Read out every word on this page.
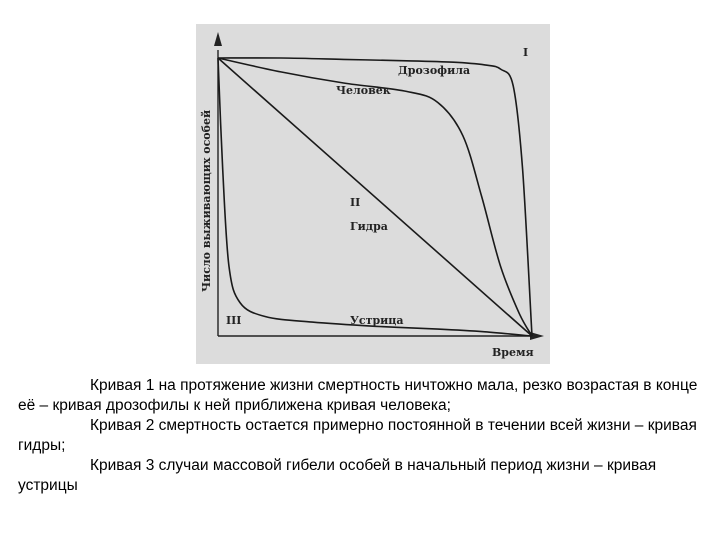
Время
Число выживающих особей
I
Дрозофила
Человек
II
Гидра
III	Устрица

Кривая 1 на протяжение жизни смертность ничтожно мала, резко возрастая в конце её – кривая дрозофилы к ней приближена кривая человека;

Кривая 2 смертность остается примерно постоянной в течении всей жизни – кривая гидры;

Кривая 3 случаи массовой гибели особей в начальный период жизни – кривая устрицы
